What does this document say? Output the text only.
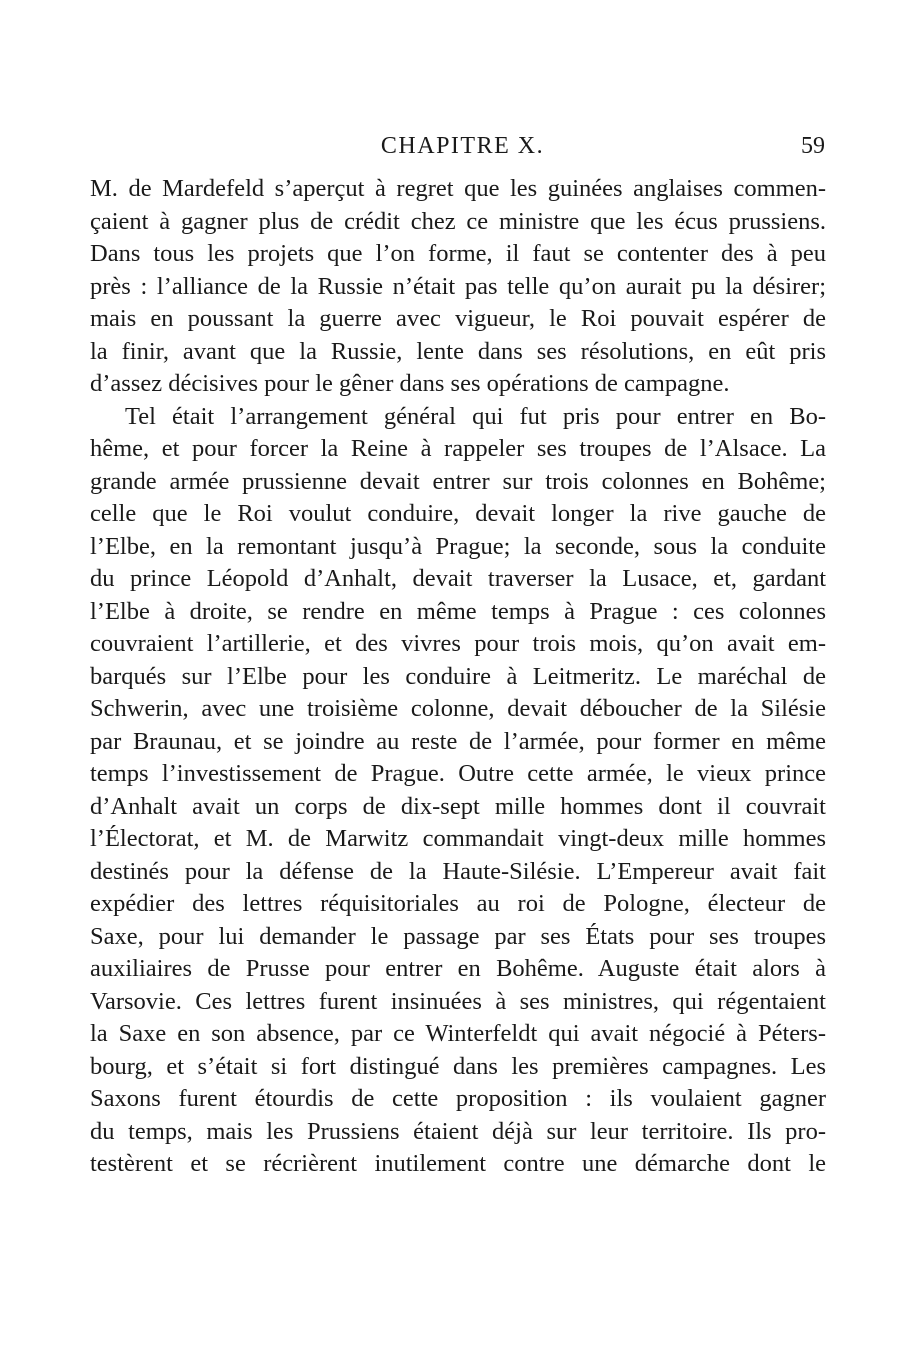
CHAPITRE X.	59
M. de Mardefeld s’aperçut à regret que les guinées anglaises commen-
çaient à gagner plus de crédit chez ce ministre que les écus prussiens.
Dans tous les projets que l’on forme, il faut se contenter des à peu
près : l’alliance de la Russie n’était pas telle qu’on aurait pu la désirer;
mais en poussant la guerre avec vigueur, le Roi pouvait espérer de
la finir, avant que la Russie, lente dans ses résolutions, en eût pris
d’assez décisives pour le gêner dans ses opérations de campagne.
Tel était l’arrangement général qui fut pris pour entrer en Bo-
hême, et pour forcer la Reine à rappeler ses troupes de l’Alsace. La
grande armée prussienne devait entrer sur trois colonnes en Bohême;
celle que le Roi voulut conduire, devait longer la rive gauche de
l’Elbe, en la remontant jusqu’à Prague; la seconde, sous la conduite
du prince Léopold d’Anhalt, devait traverser la Lusace, et, gardant
l’Elbe à droite, se rendre en même temps à Prague : ces colonnes
couvraient l’artillerie, et des vivres pour trois mois, qu’on avait em-
barqués sur l’Elbe pour les conduire à Leitmeritz. Le maréchal de
Schwerin, avec une troisième colonne, devait déboucher de la Silésie
par Braunau, et se joindre au reste de l’armée, pour former en même
temps l’investissement de Prague. Outre cette armée, le vieux prince
d’Anhalt avait un corps de dix-sept mille hommes dont il couvrait
l’Électorat, et M. de Marwitz commandait vingt-deux mille hommes
destinés pour la défense de la Haute-Silésie. L’Empereur avait fait
expédier des lettres réquisitoriales au roi de Pologne, électeur de
Saxe, pour lui demander le passage par ses États pour ses troupes
auxiliaires de Prusse pour entrer en Bohême. Auguste était alors à
Varsovie. Ces lettres furent insinuées à ses ministres, qui régentaient
la Saxe en son absence, par ce Winterfeldt qui avait négocié à Péters-
bourg, et s’était si fort distingué dans les premières campagnes. Les
Saxons furent étourdis de cette proposition : ils voulaient gagner
du temps, mais les Prussiens étaient déjà sur leur territoire. Ils pro-
testèrent et se récrièrent inutilement contre une démarche dont le
